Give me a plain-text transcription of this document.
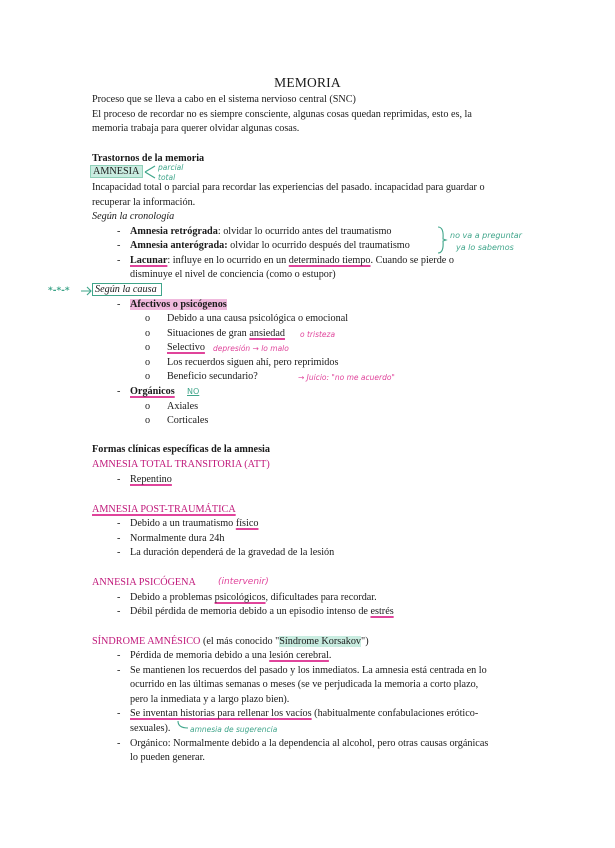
MEMORIA
Proceso que se lleva a cabo en el sistema nervioso central (SNC)
El proceso de recordar no es siempre consciente, algunas cosas quedan reprimidas, esto es, la
memoria trabaja para querer olvidar algunas cosas.
Trastornos de la memoria
AMNESIA	parcial
total
Incapacidad total o parcial para recordar las experiencias del pasado. incapacidad para guardar o
recuperar la información.
Según la cronología
- Amnesia retrógrada: olvidar lo ocurrido antes del traumatismo
- Amnesia anterógrada: olvidar lo ocurrido después del traumatismo
no va a preguntar
ya lo sabemos
- Lacunar: influye en lo ocurrido en un determinado tiempo. Cuando se pierde o
disminuye el nivel de conciencia (como o estupor)
*-*-* Según la causa
- Afectivos o psicógenos
o Debido a una causa psicológica o emocional
o Situaciones de gran ansiedad o tristeza
o Selectivo depresión → lo malo
o Los recuerdos siguen ahí, pero reprimidos
o Beneficio secundario?	→ Juicio: "no me acuerdo"
- Orgánicos NO
o Axiales
o Corticales
Formas clínicas específicas de la amnesia
AMNESIA TOTAL TRANSITORIA (ATT)
- Repentino
AMNESIA POST-TRAUMÁTICA
- Debido a un traumatismo físico
- Normalmente dura 24h
- La duración dependerá de la gravedad de la lesión
ANNESIA PSICÓGENA	(intervenir)
- Debido a problemas psicológicos, dificultades para recordar.
- Débil pérdida de memoria debido a un episodio intenso de estrés
SÍNDROME AMNÉSICO (el más conocido "Síndrome Korsakov")
- Pérdida de memoria debido a una lesión cerebral.
- Se mantienen los recuerdos del pasado y los inmediatos. La amnesia está centrada en lo
ocurrido en las últimas semanas o meses (se ve perjudicada la memoria a corto plazo,
pero la inmediata y a largo plazo bien).
- Se inventan historias para rellenar los vacíos (habitualmente confabulaciones erótico-
sexuales).	amnesia de sugerencia
- Orgánico: Normalmente debido a la dependencia al alcohol, pero otras causas orgánicas
lo pueden generar.
